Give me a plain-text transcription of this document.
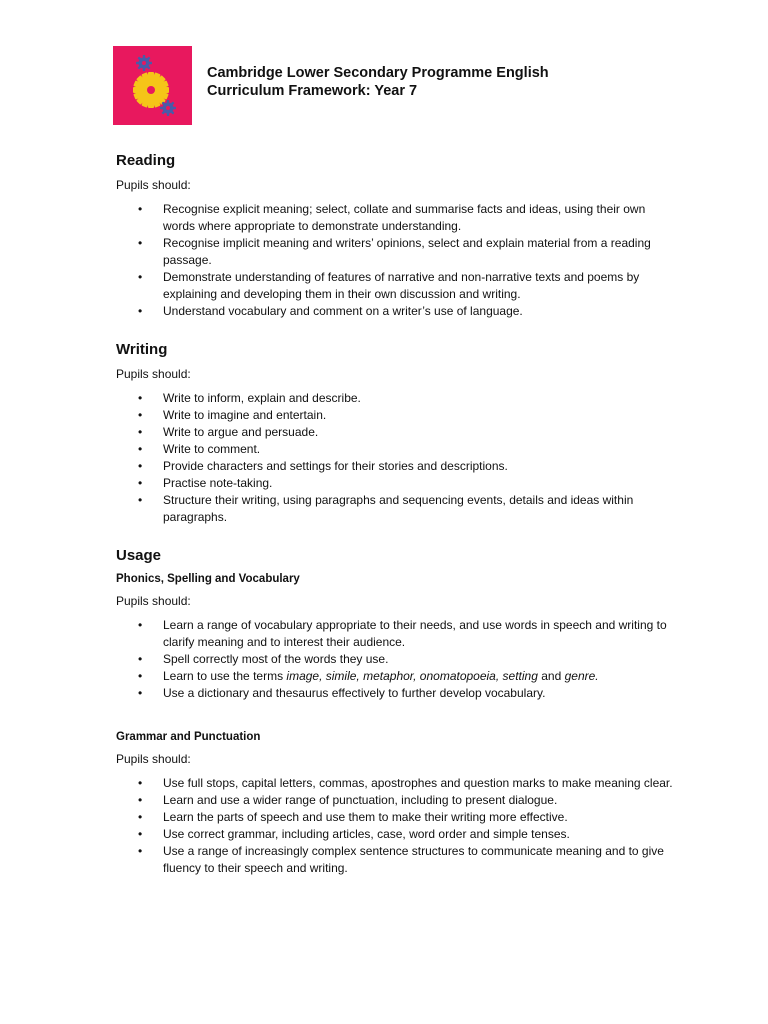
Cambridge Lower Secondary Programme English
Curriculum Framework: Year 7
Reading

Pupils should:

• Recognise explicit meaning; select, collate and summarise facts and ideas, using their own words where appropriate to demonstrate understanding.
• Recognise implicit meaning and writers’ opinions, select and explain material from a reading passage.
• Demonstrate understanding of features of narrative and non-narrative texts and poems by explaining and developing them in their own discussion and writing.
• Understand vocabulary and comment on a writer’s use of language.
Writing

Pupils should:

• Write to inform, explain and describe.
• Write to imagine and entertain.
• Write to argue and persuade.
• Write to comment.
• Provide characters and settings for their stories and descriptions.
• Practise note-taking.
• Structure their writing, using paragraphs and sequencing events, details and ideas within paragraphs.
Usage
Phonics, Spelling and Vocabulary

Pupils should:

• Learn a range of vocabulary appropriate to their needs, and use words in speech and writing to clarify meaning and to interest their audience.
• Spell correctly most of the words they use.
• Learn to use the terms image, simile, metaphor, onomatopoeia, setting and genre.
• Use a dictionary and thesaurus effectively to further develop vocabulary.
Grammar and Punctuation

Pupils should:

• Use full stops, capital letters, commas, apostrophes and question marks to make meaning clear.
• Learn and use a wider range of punctuation, including to present dialogue.
• Learn the parts of speech and use them to make their writing more effective.
• Use correct grammar, including articles, case, word order and simple tenses.
• Use a range of increasingly complex sentence structures to communicate meaning and to give fluency to their speech and writing.
